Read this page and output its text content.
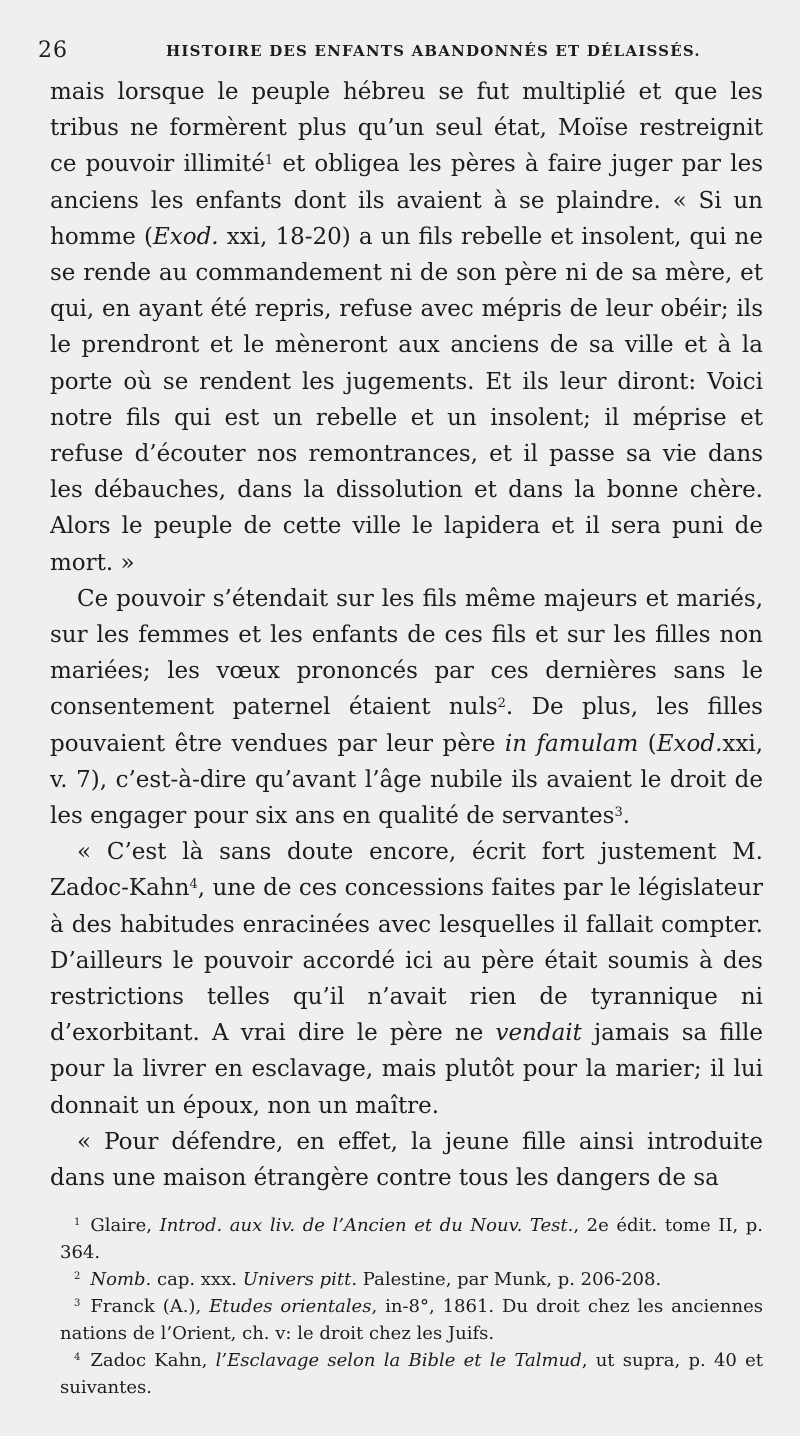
26	HISTOIRE DES ENFANTS ABANDONNÉS ET DÉLAISSÉS.

mais lorsque le peuple hébreu se fut multiplié et que les tribus ne formèrent plus qu’un seul état, Moïse restreignit ce pouvoir illimité$^1$ et obligea les pères à faire juger par les anciens les enfants dont ils avaient à se plaindre. « Si un homme (Exod. xxi, 18-20) a un fils rebelle et insolent, qui ne se rende au commandement ni de son père ni de sa mère, et qui, en ayant été repris, refuse avec mépris de leur obéir; ils le prendront et le mèneront aux anciens de sa ville et à la porte où se rendent les jugements. Et ils leur diront: Voici notre fils qui est un rebelle et un insolent; il méprise et refuse d’écouter nos remontrances, et il passe sa vie dans les débauches, dans la dissolution et dans la bonne chère. Alors le peuple de cette ville le lapidera et il sera puni de mort. »

Ce pouvoir s’étendait sur les fils même majeurs et mariés, sur les femmes et les enfants de ces fils et sur les filles non mariées; les vœux prononcés par ces dernières sans le consentement paternel étaient nuls$^2$. De plus, les filles pouvaient être vendues par leur père in famulam (Exod.xxi, v. 7), c’est-à-dire qu’avant l’âge nubile ils avaient le droit de les engager pour six ans en qualité de servantes$^3$.

« C’est là sans doute encore, écrit fort justement M. Zadoc-Kahn$^4$, une de ces concessions faites par le législateur à des habitudes enracinées avec lesquelles il fallait compter. D’ailleurs le pouvoir accordé ici au père était soumis à des restrictions telles qu’il n’avait rien de tyrannique ni d’exorbitant. A vrai dire le père ne vendait jamais sa fille pour la livrer en esclavage, mais plutôt pour la marier; il lui donnait un époux, non un maître.

« Pour défendre, en effet, la jeune fille ainsi introduite dans une maison étrangère contre tous les dangers de sa

$^1$ Glaire, Introd. aux liv. de l’Ancien et du Nouv. Test., 2e édit. tome II, p. 364.

$^2$ Nomb. cap. xxx. Univers pitt. Palestine, par Munk, p. 206-208.

$^3$ Franck (A.), Etudes orientales, in-8°, 1861. Du droit chez les anciennes nations de l’Orient, ch. v: le droit chez les Juifs.

$^4$ Zadoc Kahn, l’Esclavage selon la Bible et le Talmud, ut supra, p. 40 et suivantes.
